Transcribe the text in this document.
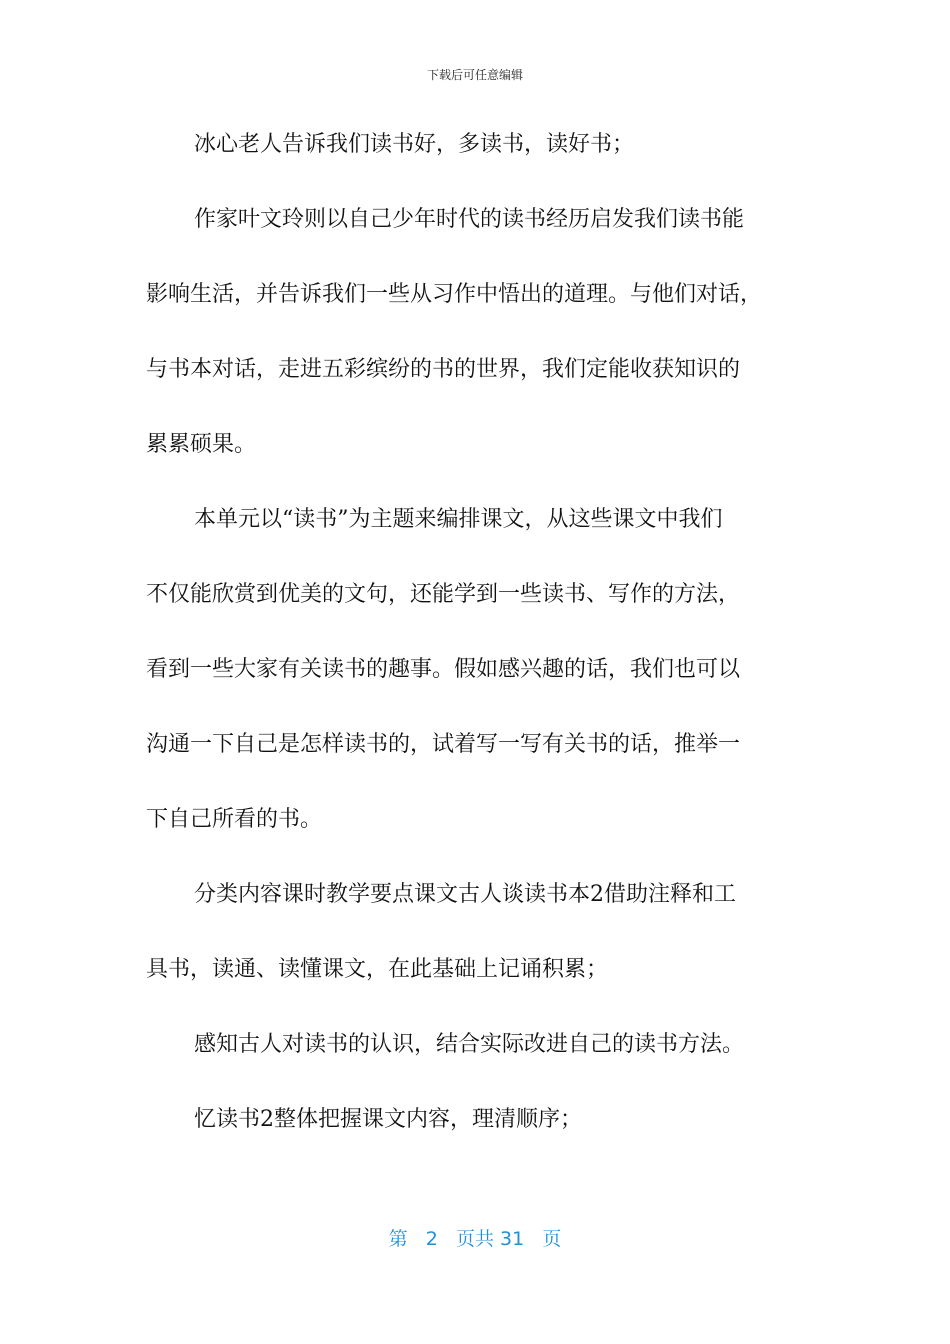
下载后可任意编辑
冰心老人告诉我们读书好，多读书，读好书；
作家叶文玲则以自己少年时代的读书经历启发我们读书能
影响生活，并告诉我们一些从习作中悟出的道理。与他们对话，
与书本对话，走进五彩缤纷的书的世界，我们定能收获知识的
累累硕果。
本单元以“读书”为主题来编排课文，从这些课文中我们
不仅能欣赏到优美的文句，还能学到一些读书、写作的方法，
看到一些大家有关读书的趣事。假如感兴趣的话，我们也可以
沟通一下自己是怎样读书的，试着写一写有关书的话，推举一
下自己所看的书。
分类内容课时教学要点课文古人谈读书本2借助注释和工
具书，读通、读懂课文，在此基础上记诵积累；
感知古人对读书的认识，结合实际改进自己的读书方法。
忆读书2整体把握课文内容，理清顺序；
第 2 页共 31 页
